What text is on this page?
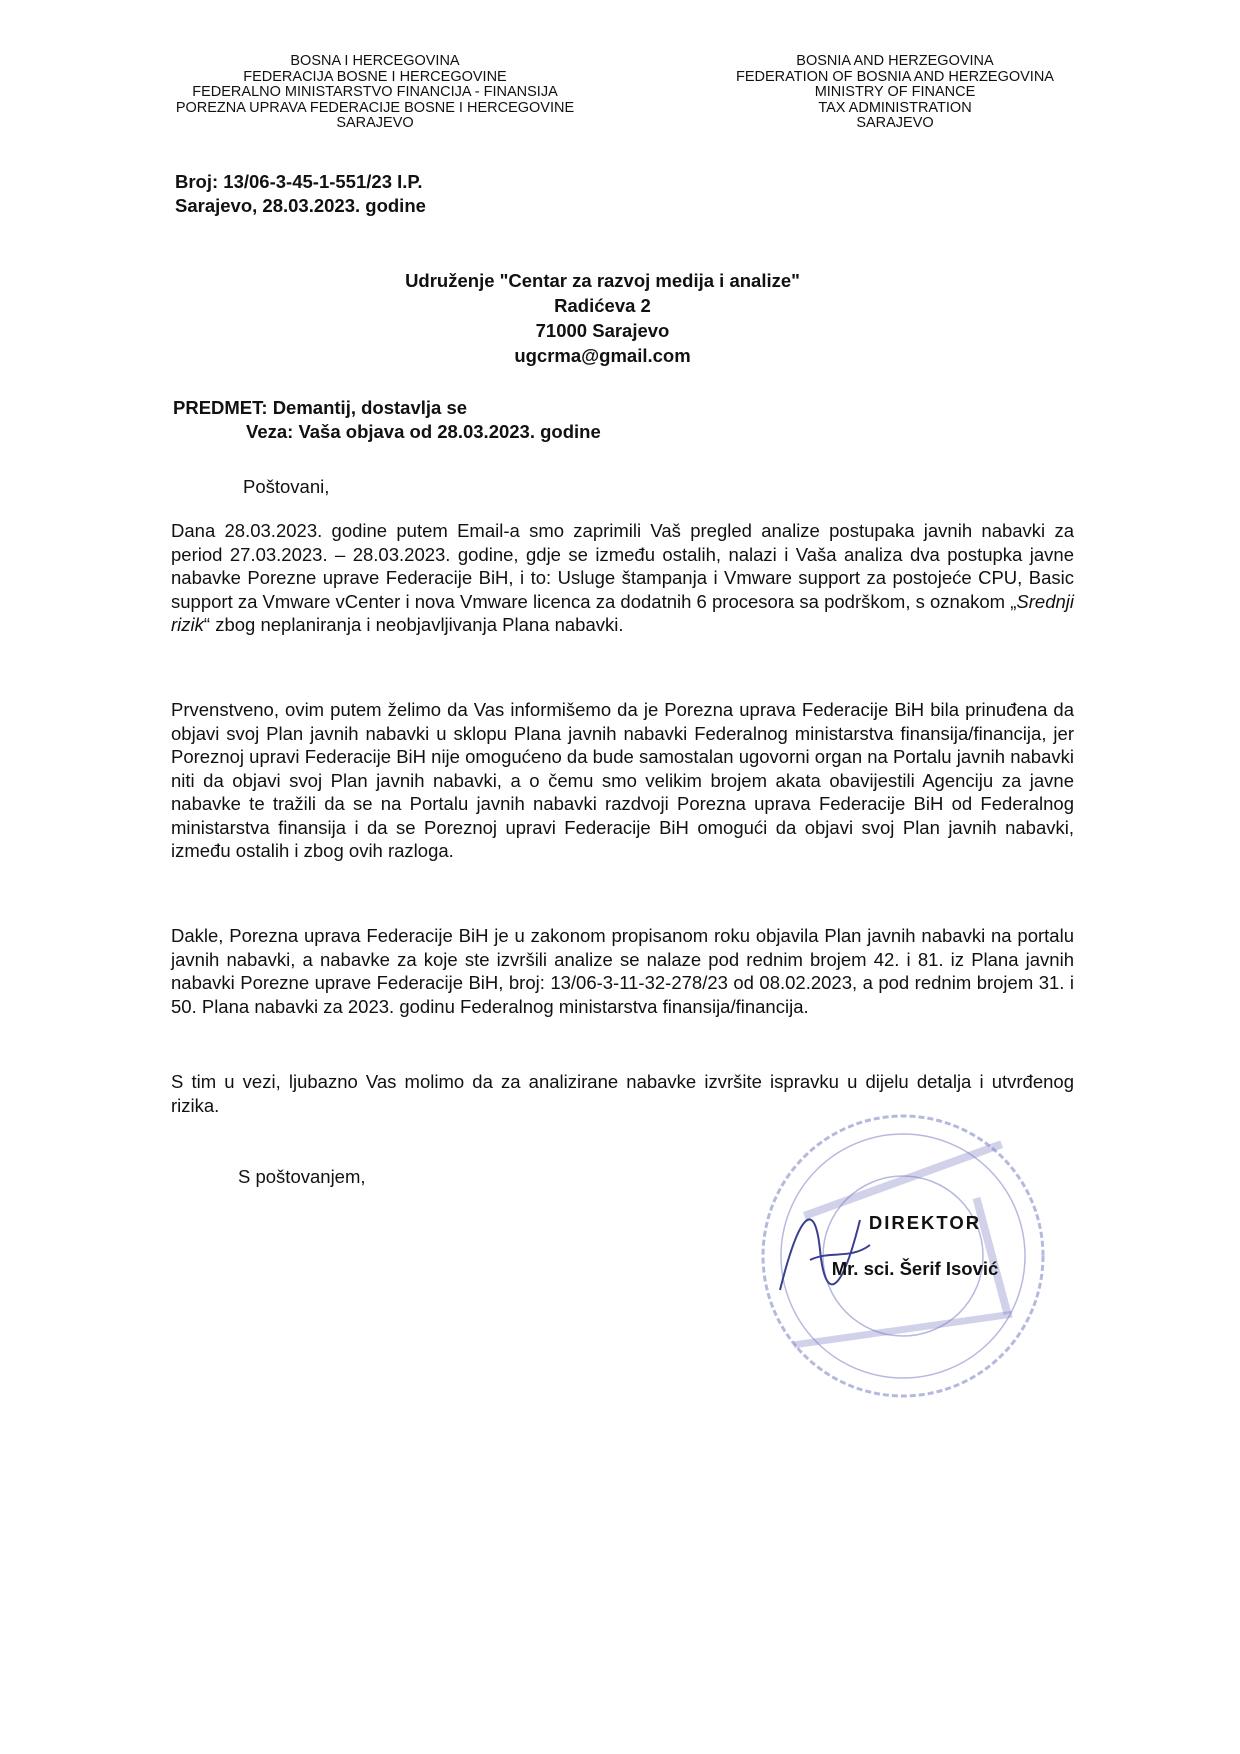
BOSNA I HERCEGOVINA
FEDERACIJA BOSNE I HERCEGOVINE
FEDERALNO MINISTARSTVO FINANCIJA - FINANSIJA
POREZNA UPRAVA FEDERACIJE BOSNE I HERCEGOVINE
SARAJEVO
BOSNIA AND HERZEGOVINA
FEDERATION OF BOSNIA AND HERZEGOVINA
MINISTRY OF FINANCE
TAX ADMINISTRATION
SARAJEVO
Broj: 13/06-3-45-1-551/23 I.P.
Sarajevo, 28.03.2023. godine
Udruženje "Centar za razvoj medija i analize"
Radićeva 2
71000 Sarajevo
ugcrma@gmail.com
PREDMET: Demantij, dostavlja se
Veza: Vaša objava od 28.03.2023. godine
Poštovani,
Dana 28.03.2023. godine putem Email-a smo zaprimili Vaš pregled analize postupaka javnih nabavki za period 27.03.2023. – 28.03.2023. godine, gdje se između ostalih, nalazi i Vaša analiza dva postupka javne nabavke Porezne uprave Federacije BiH, i to: Usluge štampanja i Vmware support za postojeće CPU, Basic support za Vmware vCenter i nova Vmware licenca za dodatnih 6 procesora sa podrškom, s oznakom „Srednji rizik“ zbog neplaniranja i neobjavljivanja Plana nabavki.
Prvenstveno, ovim putem želimo da Vas informišemo da je Porezna uprava Federacije BiH bila prinuđena da objavi svoj Plan javnih nabavki u sklopu Plana javnih nabavki Federalnog ministarstva finansija/financija, jer Poreznoj upravi Federacije BiH nije omogućeno da bude samostalan ugovorni organ na Portalu javnih nabavki niti da objavi svoj Plan javnih nabavki, a o čemu smo velikim brojem akata obavijestili Agenciju za javne nabavke te tražili da se na Portalu javnih nabavki razdvoji Porezna uprava Federacije BiH od Federalnog ministarstva finansija i da se Poreznoj upravi Federacije BiH omogući da objavi svoj Plan javnih nabavki, između ostalih i zbog ovih razloga.
Dakle, Porezna uprava Federacije BiH je u zakonom propisanom roku objavila Plan javnih nabavki na portalu javnih nabavki, a nabavke za koje ste izvršili analize se nalaze pod rednim brojem 42. i 81. iz Plana javnih nabavki Porezne uprave Federacije BiH, broj: 13/06-3-11-32-278/23 od 08.02.2023, a pod rednim brojem 31. i 50. Plana nabavki za 2023. godinu Federalnog ministarstva finansija/financija.
S tim u vezi, ljubazno Vas molimo da za analizirane nabavke izvršite ispravku u dijelu detalja i utvrđenog rizika.
S poštovanjem,
DIREKTOR
Mr. sci. Šerif Isović
